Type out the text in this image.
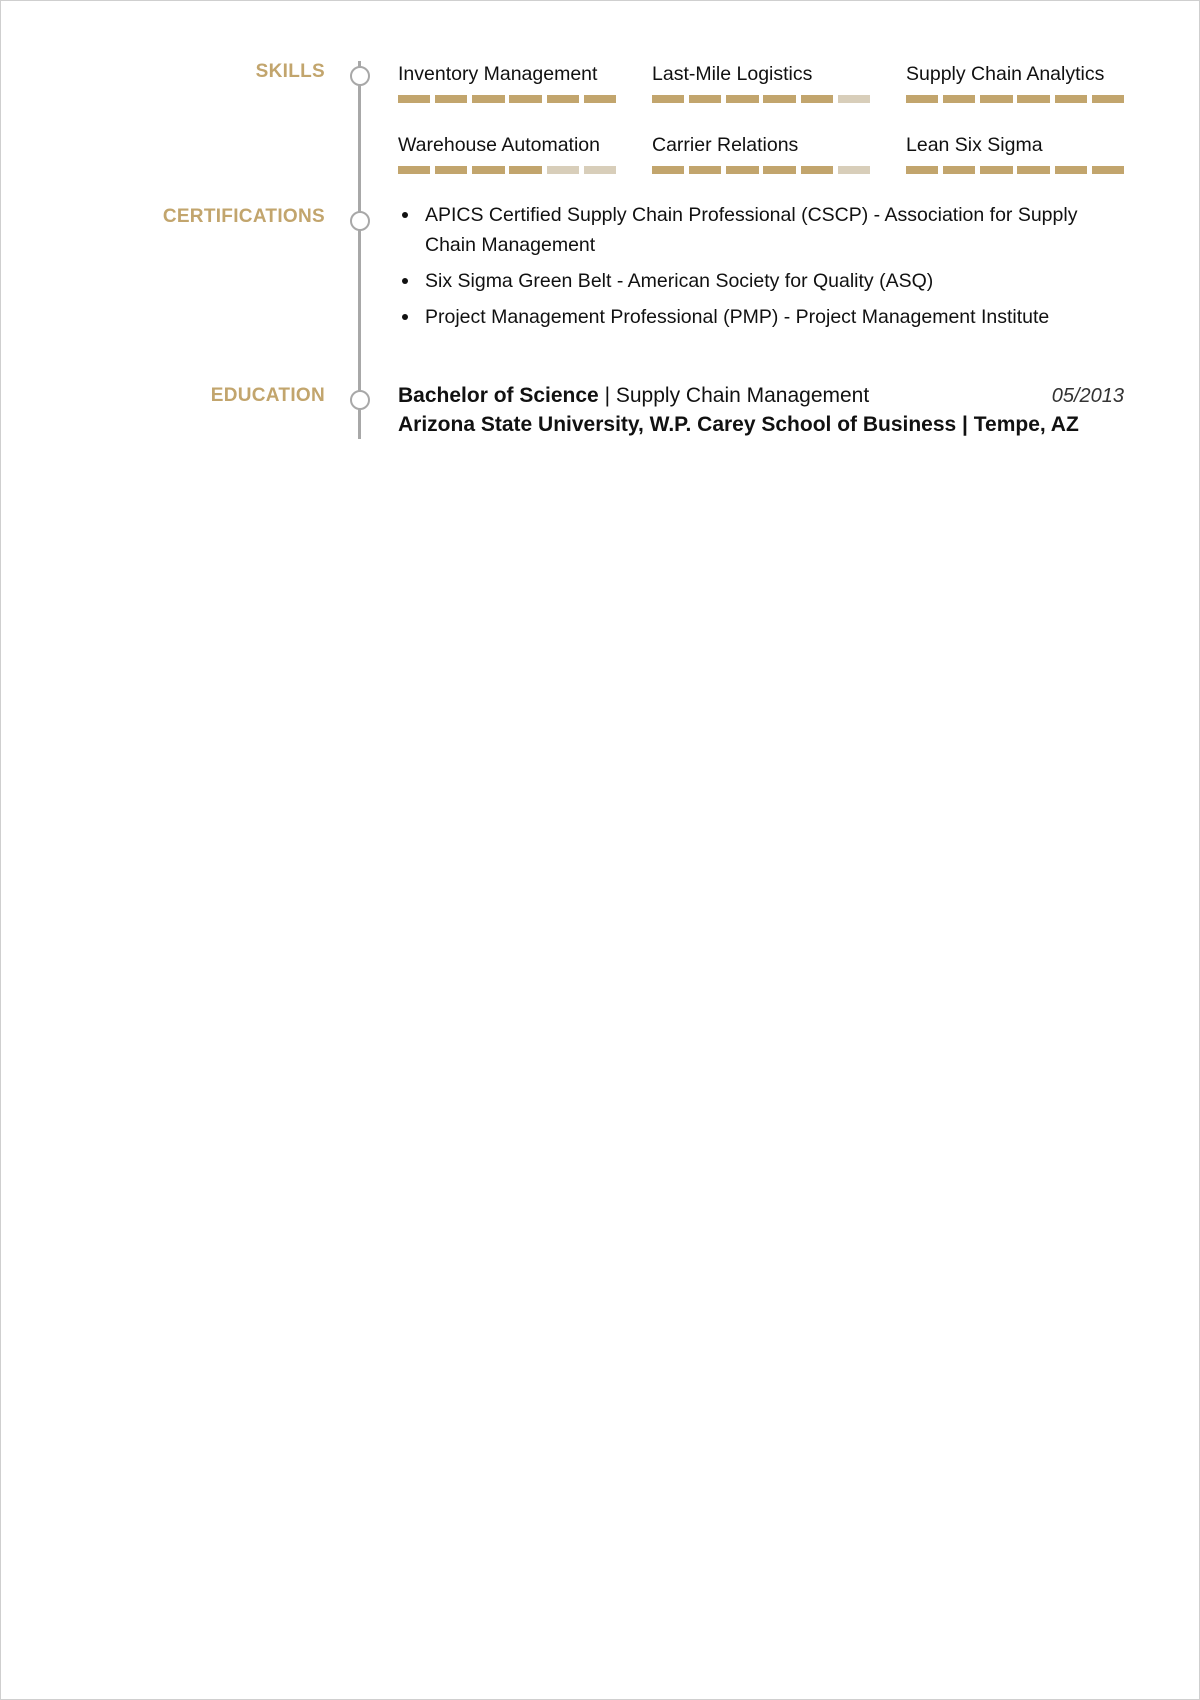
SKILLS	Inventory Management	Last-Mile Logistics	Supply Chain Analytics
Warehouse Automation	Carrier Relations	Lean Six Sigma
CERTIFICATIONS	APICS Certified Supply Chain Professional (CSCP) - Association for Supply Chain Management
Six Sigma Green Belt - American Society for Quality (ASQ)
Project Management Professional (PMP) - Project Management Institute
EDUCATION	Bachelor of Science | Supply Chain Management	05/2013
Arizona State University, W.P. Carey School of Business | Tempe, AZ
